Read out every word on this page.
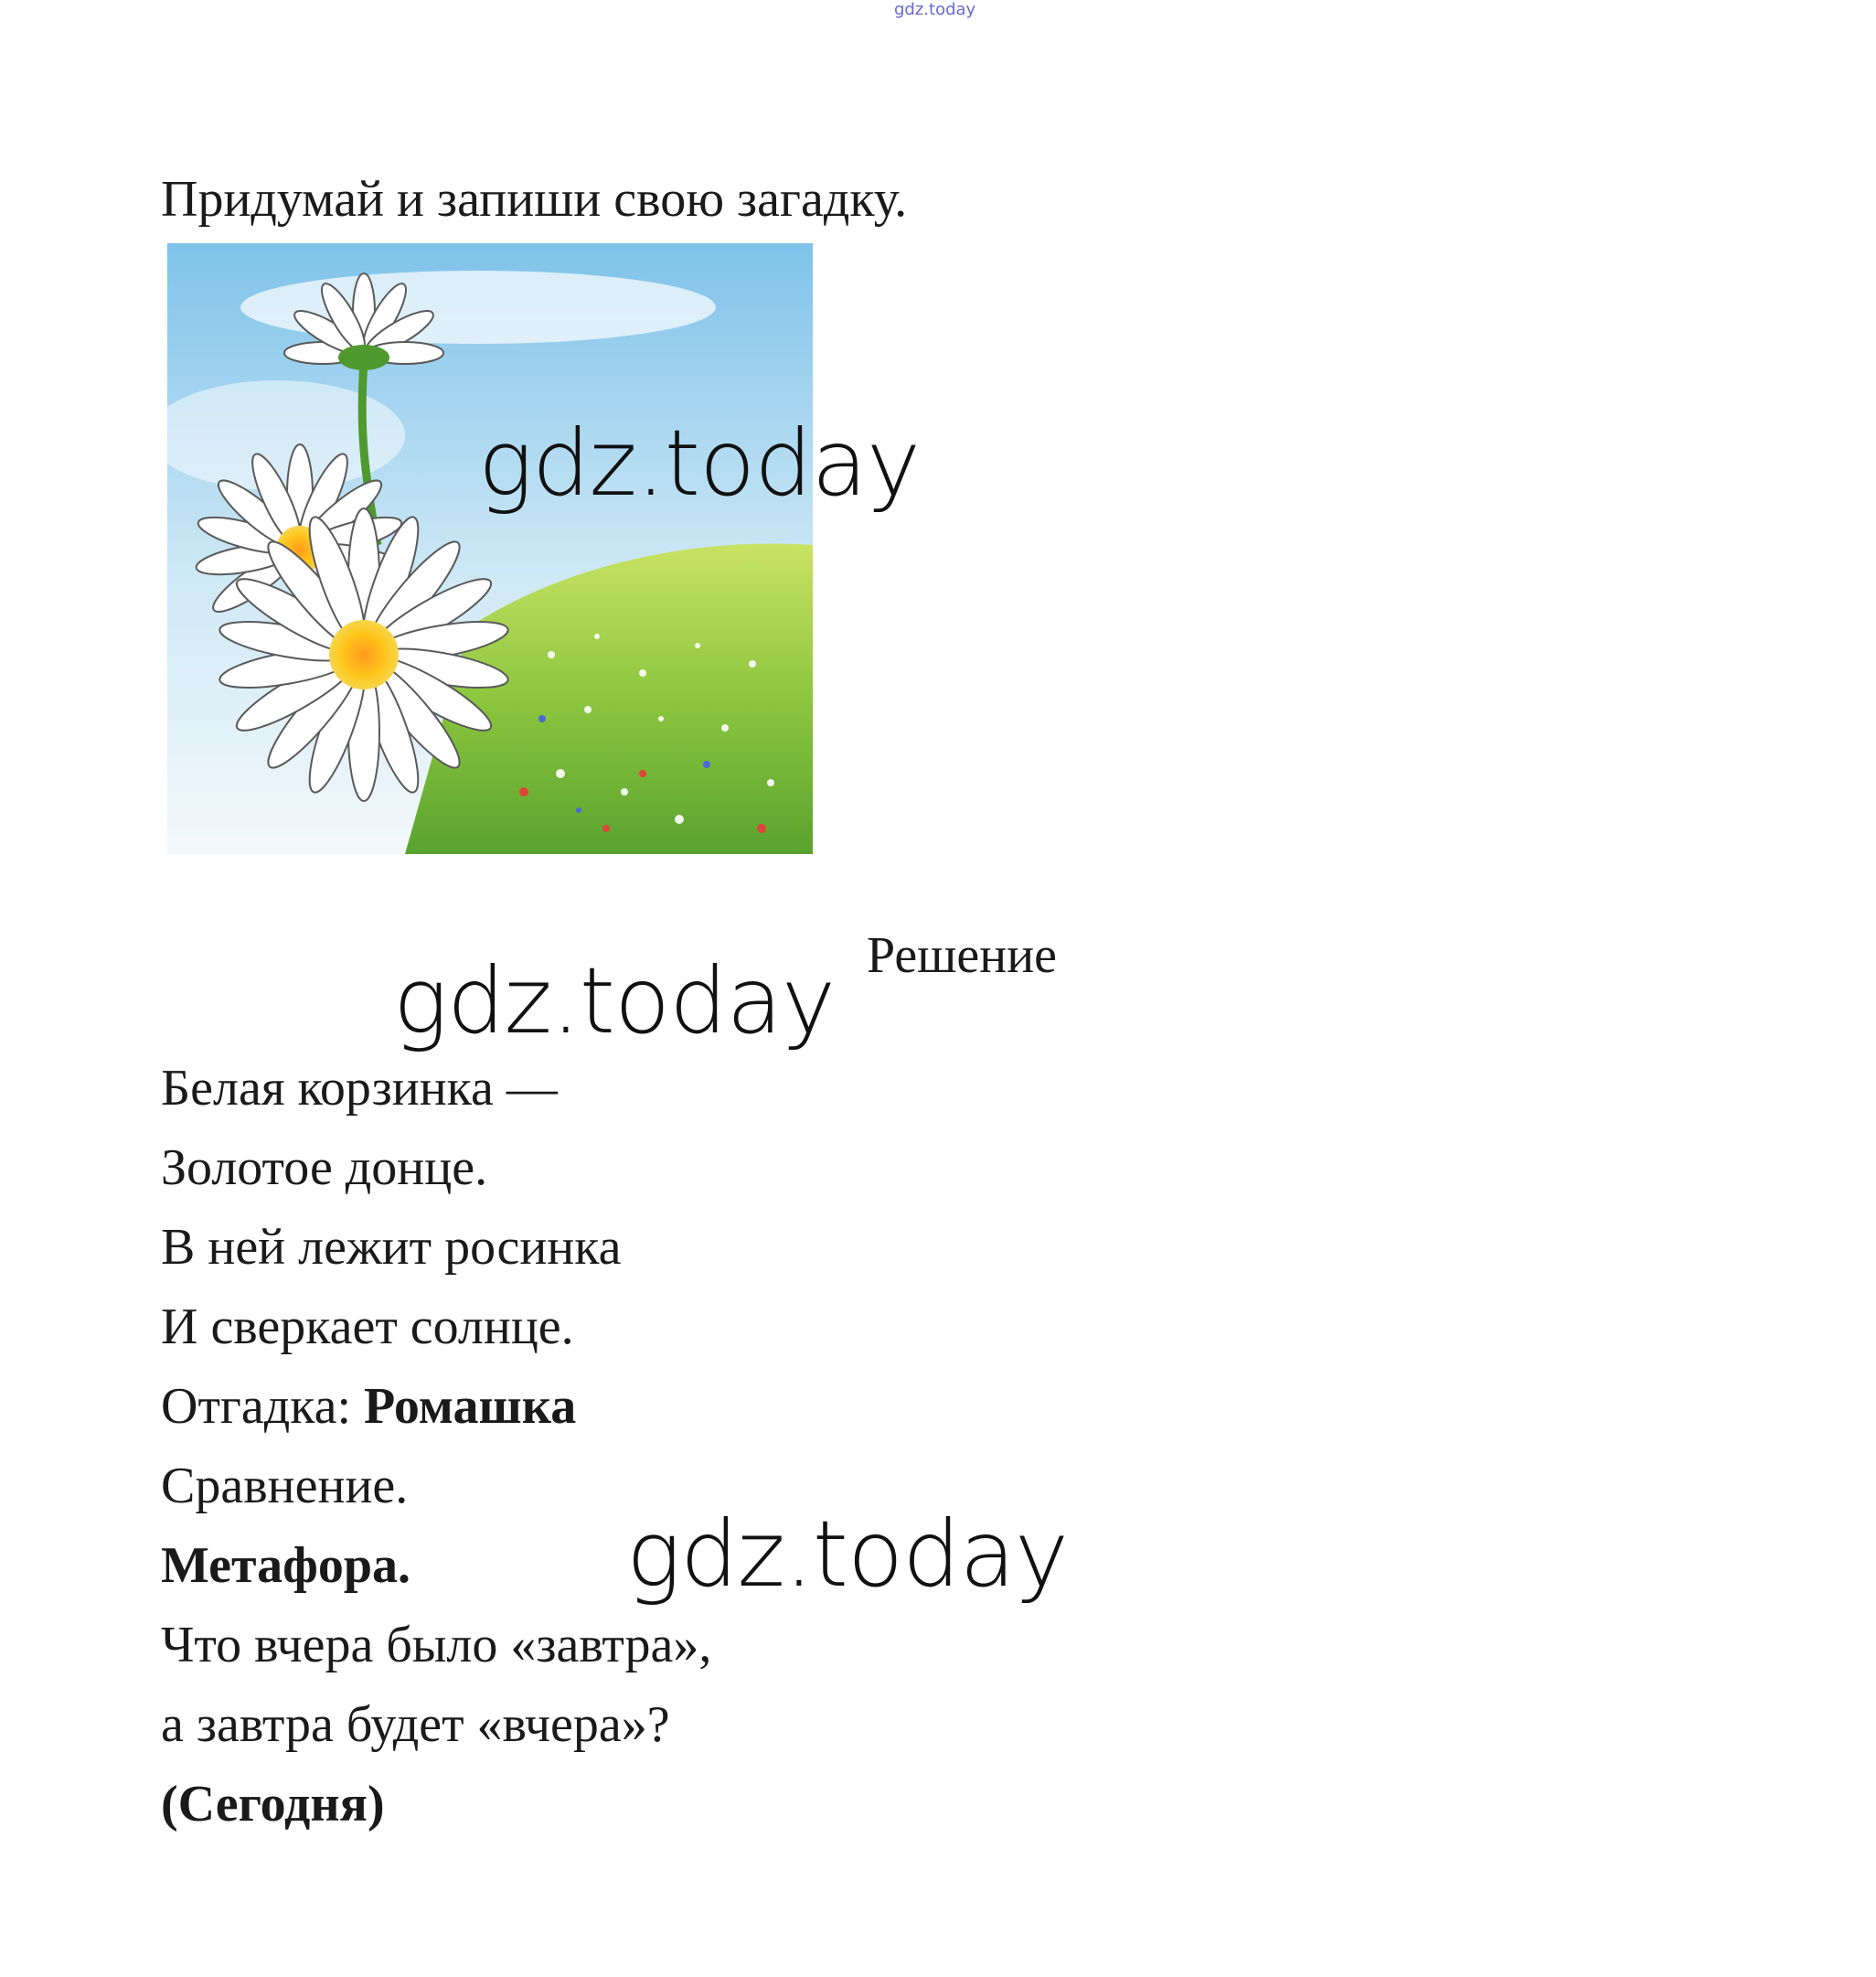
gdz.today
Придумай и запиши свою загадку.
gdz.today
Решение
gdz.today
Белая корзинка —
Золотое донце.
В ней лежит росинка
И сверкает солнце.
Отгадка: Ромашка
Сравнение.
Метафора.
Что вчера было «завтра»,
а завтра будет «вчера»?
(Сегодня)
gdz.today
